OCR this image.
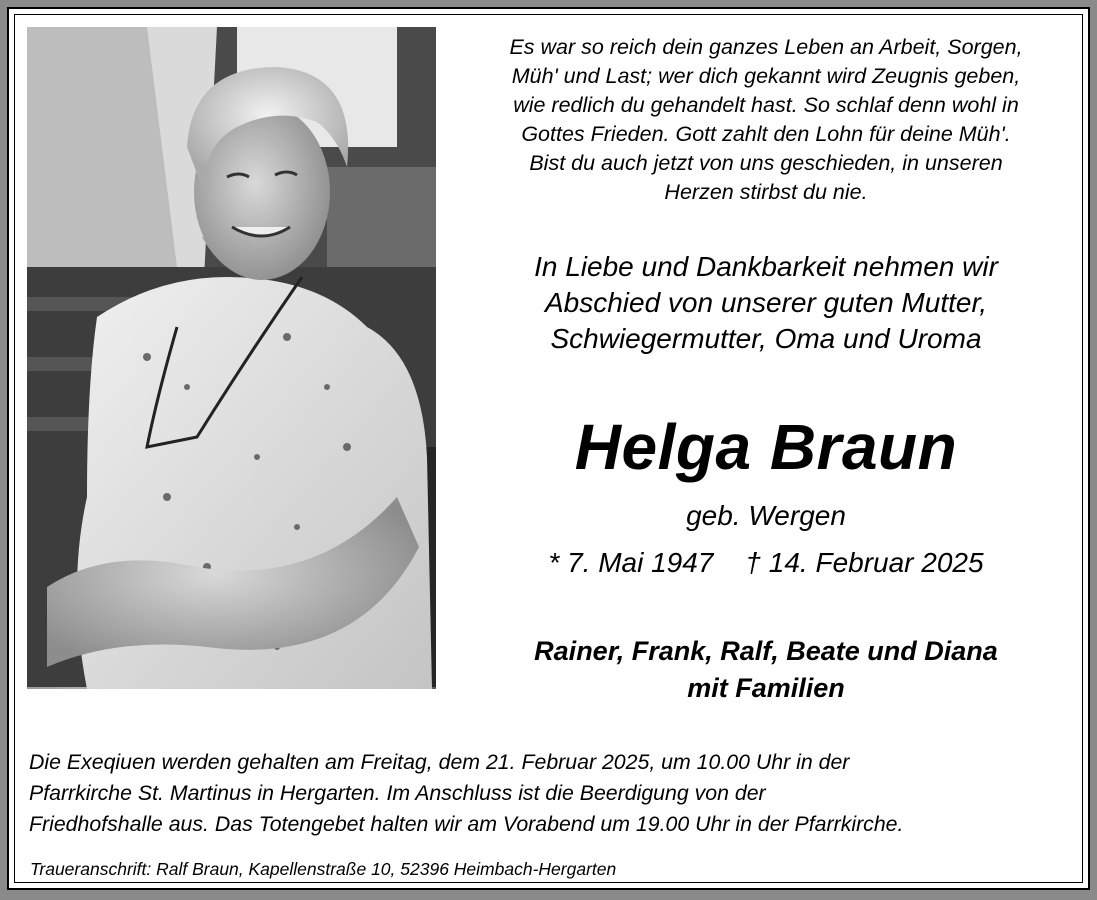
Es war so reich dein ganzes Leben an Arbeit, Sorgen,
Müh' und Last; wer dich gekannt wird Zeugnis geben,
wie redlich du gehandelt hast. So schlaf denn wohl in
Gottes Frieden. Gott zahlt den Lohn für deine Müh'.
Bist du auch jetzt von uns geschieden, in unseren
Herzen stirbst du nie.
In Liebe und Dankbarkeit nehmen wir
Abschied von unserer guten Mutter,
Schwiegermutter, Oma und Uroma
Helga Braun
geb. Wergen
* 7. Mai 1947 † 14. Februar 2025
Rainer, Frank, Ralf, Beate und Diana
mit Familien
Die Exeqiuen werden gehalten am Freitag, dem 21. Februar 2025, um 10.00 Uhr in der
Pfarrkirche St. Martinus in Hergarten. Im Anschluss ist die Beerdigung von der
Friedhofshalle aus. Das Totengebet halten wir am Vorabend um 19.00 Uhr in der Pfarrkirche.
Traueranschrift: Ralf Braun, Kapellenstraße 10, 52396 Heimbach-Hergarten
